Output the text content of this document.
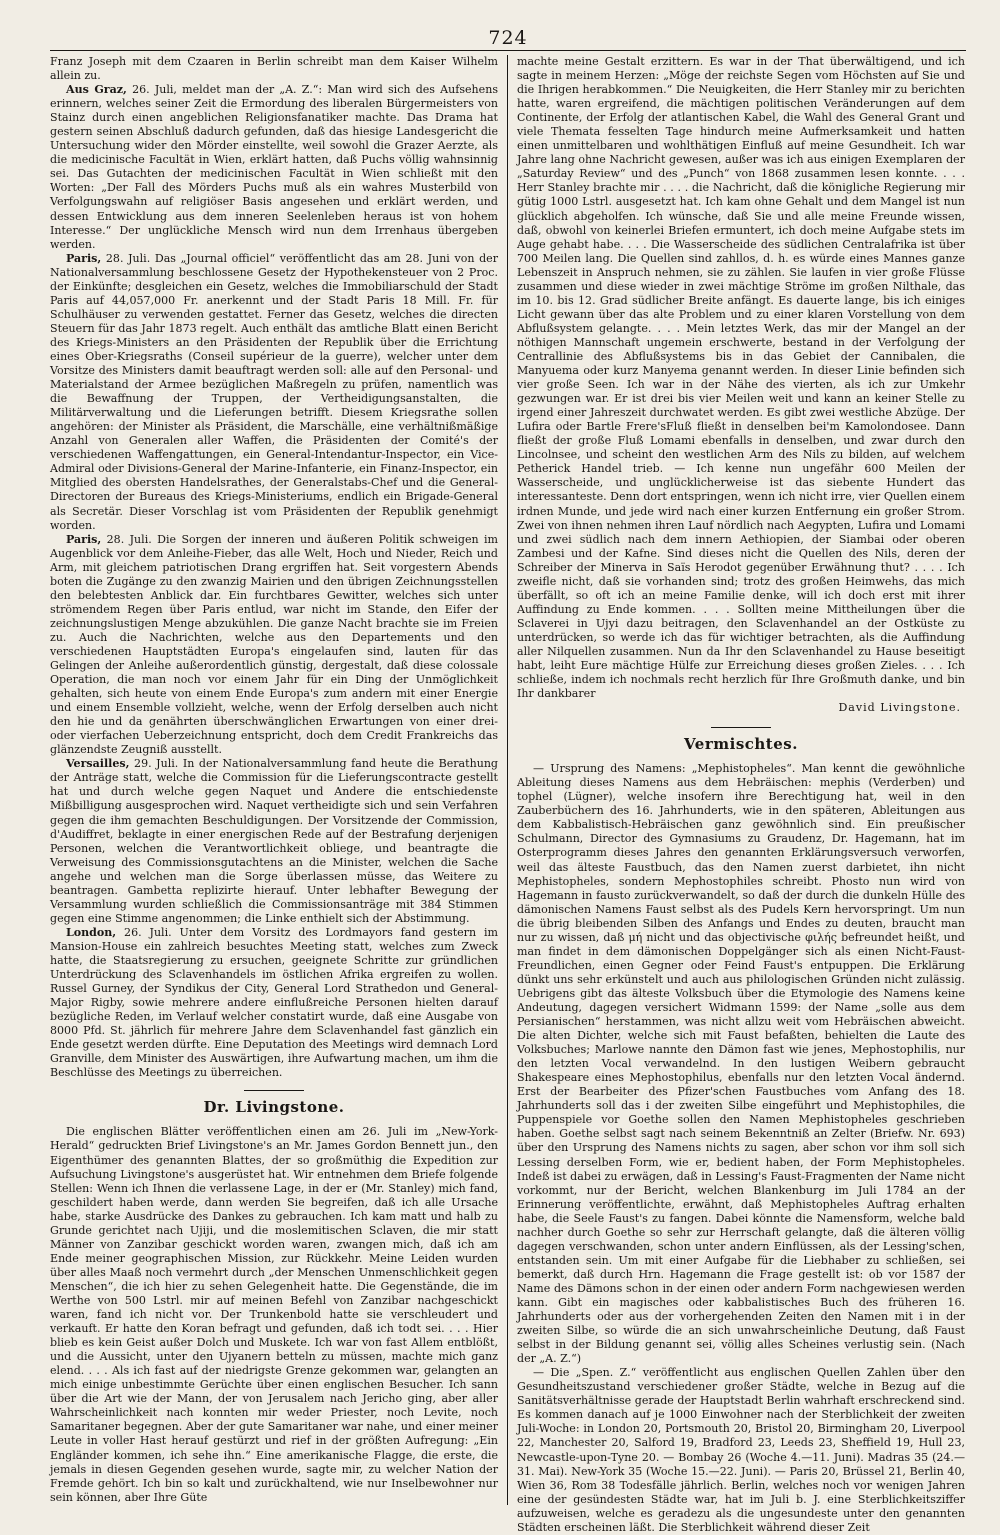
724

Franz Joseph mit dem Czaaren in Berlin schreibt man dem Kaiser Wilhelm allein zu.

Aus Graz, 26. Juli, meldet man der „A. Z.“: Man wird sich des Aufsehens erinnern, welches seiner Zeit die Ermordung des liberalen Bürgermeisters von Stainz durch einen angeblichen Religionsfanatiker machte. Das Drama hat gestern seinen Abschluß dadurch gefunden, daß das hiesige Landesgericht die Untersuchung wider den Mörder einstellte, weil sowohl die Grazer Aerzte, als die medicinische Facultät in Wien, erklärt hatten, daß Puchs völlig wahnsinnig sei. Das Gutachten der medicinischen Facultät in Wien schließt mit den Worten: „Der Fall des Mörders Puchs muß als ein wahres Musterbild von Verfolgungswahn auf religiöser Basis angesehen und erklärt werden, und dessen Entwicklung aus dem inneren Seelenleben heraus ist von hohem Interesse.“ Der unglückliche Mensch wird nun dem Irrenhaus übergeben werden.

Paris, 28. Juli. Das „Journal officiel“ veröffentlicht das am 28. Juni von der Nationalversammlung beschlossene Gesetz der Hypothekensteuer von 2 Proc. der Einkünfte; desgleichen ein Gesetz, welches die Immobiliarschuld der Stadt Paris auf 44,057,000 Fr. anerkennt und der Stadt Paris 18 Mill. Fr. für Schulhäuser zu verwenden gestattet. Ferner das Gesetz, welches die directen Steuern für das Jahr 1873 regelt. Auch enthält das amtliche Blatt einen Bericht des Kriegs-Ministers an den Präsidenten der Republik über die Errichtung eines Ober-Kriegsraths (Conseil supérieur de la guerre), welcher unter dem Vorsitze des Ministers damit beauftragt werden soll: alle auf den Personal- und Materialstand der Armee bezüglichen Maßregeln zu prüfen, namentlich was die Bewaffnung der Truppen, der Vertheidigungsanstalten, die Militärverwaltung und die Lieferungen betrifft. Diesem Kriegsrathe sollen angehören: der Minister als Präsident, die Marschälle, eine verhältnißmäßige Anzahl von Generalen aller Waffen, die Präsidenten der Comité's der verschiedenen Waffengattungen, ein General-Intendantur-Inspector, ein Vice-Admiral oder Divisions-General der Marine-Infanterie, ein Finanz-Inspector, ein Mitglied des obersten Handelsrathes, der Generalstabs-Chef und die General-Directoren der Bureaus des Kriegs-Ministeriums, endlich ein Brigade-General als Secretär. Dieser Vorschlag ist vom Präsidenten der Republik genehmigt worden.

Paris, 28. Juli. Die Sorgen der inneren und äußeren Politik schweigen im Augenblick vor dem Anleihe-Fieber, das alle Welt, Hoch und Nieder, Reich und Arm, mit gleichem patriotischen Drang ergriffen hat. Seit vorgestern Abends boten die Zugänge zu den zwanzig Mairien und den übrigen Zeichnungsstellen den belebtesten Anblick dar. Ein furchtbares Gewitter, welches sich unter strömendem Regen über Paris entlud, war nicht im Stande, den Eifer der zeichnungslustigen Menge abzukühlen. Die ganze Nacht brachte sie im Freien zu. Auch die Nachrichten, welche aus den Departements und den verschiedenen Hauptstädten Europa's eingelaufen sind, lauten für das Gelingen der Anleihe außerordentlich günstig, dergestalt, daß diese colossale Operation, die man noch vor einem Jahr für ein Ding der Unmöglichkeit gehalten, sich heute von einem Ende Europa's zum andern mit einer Energie und einem Ensemble vollzieht, welche, wenn der Erfolg derselben auch nicht den hie und da genährten überschwänglichen Erwartungen von einer drei- oder vierfachen Ueberzeichnung entspricht, doch dem Credit Frankreichs das glänzendste Zeugniß ausstellt.

Versailles, 29. Juli. In der Nationalversammlung fand heute die Berathung der Anträge statt, welche die Commission für die Lieferungscontracte gestellt hat und durch welche gegen Naquet und Andere die entschiedenste Mißbilligung ausgesprochen wird. Naquet vertheidigte sich und sein Verfahren gegen die ihm gemachten Beschuldigungen. Der Vorsitzende der Commission, d'Audiffret, beklagte in einer energischen Rede auf der Bestrafung derjenigen Personen, welchen die Verantwortlichkeit obliege, und beantragte die Verweisung des Commissionsgutachtens an die Minister, welchen die Sache angehe und welchen man die Sorge überlassen müsse, das Weitere zu beantragen. Gambetta replizirte hierauf. Unter lebhafter Bewegung der Versammlung wurden schließlich die Commissionsanträge mit 384 Stimmen gegen eine Stimme angenommen; die Linke enthielt sich der Abstimmung.

London, 26. Juli. Unter dem Vorsitz des Lordmayors fand gestern im Mansion-House ein zahlreich besuchtes Meeting statt, welches zum Zweck hatte, die Staatsregierung zu ersuchen, geeignete Schritte zur gründlichen Unterdrückung des Sclavenhandels im östlichen Afrika ergreifen zu wollen. Russel Gurney, der Syndikus der City, General Lord Strathedon und General-Major Rigby, sowie mehrere andere einflußreiche Personen hielten darauf bezügliche Reden, im Verlauf welcher constatirt wurde, daß eine Ausgabe von 8000 Pfd. St. jährlich für mehrere Jahre dem Sclavenhandel fast gänzlich ein Ende gesetzt werden dürfte. Eine Deputation des Meetings wird demnach Lord Granville, dem Minister des Auswärtigen, ihre Aufwartung machen, um ihm die Beschlüsse des Meetings zu überreichen.

Dr. Livingstone.

Die englischen Blätter veröffentlichen einen am 26. Juli im „New-York-Herald“ gedruckten Brief Livingstone's an Mr. James Gordon Bennett jun., den Eigenthümer des genannten Blattes, der so großmüthig die Expedition zur Aufsuchung Livingstone's ausgerüstet hat. Wir entnehmen dem Briefe folgende Stellen: Wenn ich Ihnen die verlassene Lage, in der er (Mr. Stanley) mich fand, geschildert haben werde, dann werden Sie begreifen, daß ich alle Ursache habe, starke Ausdrücke des Dankes zu gebrauchen. Ich kam matt und halb zu Grunde gerichtet nach Ujiji, und die moslemitischen Sclaven, die mir statt Männer von Zanzibar geschickt worden waren, zwangen mich, daß ich am Ende meiner geographischen Mission, zur Rückkehr. Meine Leiden wurden über alles Maaß noch vermehrt durch „der Menschen Unmenschlichkeit gegen Menschen“, die ich hier zu sehen Gelegenheit hatte. Die Gegenstände, die im Werthe von 500 Lstrl. mir auf meinen Befehl von Zanzibar nachgeschickt waren, fand ich nicht vor. Der Trunkenbold hatte sie verschleudert und verkauft. Er hatte den Koran befragt und gefunden, daß ich todt sei. . . . Hier blieb es kein Geist außer Dolch und Muskete. Ich war von fast Allem entblößt, und die Aussicht, unter den Ujyanern betteln zu müssen, machte mich ganz elend. . . . Als ich fast auf der niedrigste Grenze gekommen war, gelangten an mich einige unbestimmte Gerüchte über einen englischen Besucher. Ich sann über die Art wie der Mann, der von Jerusalem nach Jericho ging, aber aller Wahrscheinlichkeit nach konnten mir weder Priester, noch Levite, noch Samaritaner begegnen. Aber der gute Samaritaner war nahe, und einer meiner Leute in voller Hast herauf gestürzt und rief in der größten Aufregung: „Ein Engländer kommen, ich sehe ihn.“ Eine amerikanische Flagge, die erste, die jemals in diesen Gegenden gesehen wurde, sagte mir, zu welcher Nation der Fremde gehört. Ich bin so kalt und zurückhaltend, wie nur Inselbewohner nur sein können, aber Ihre Güte

machte meine Gestalt erzittern. Es war in der That überwältigend, und ich sagte in meinem Herzen: „Möge der reichste Segen vom Höchsten auf Sie und die Ihrigen herabkommen.“ Die Neuigkeiten, die Herr Stanley mir zu berichten hatte, waren ergreifend, die mächtigen politischen Veränderungen auf dem Continente, der Erfolg der atlantischen Kabel, die Wahl des General Grant und viele Themata fesselten Tage hindurch meine Aufmerksamkeit und hatten einen unmittelbaren und wohlthätigen Einfluß auf meine Gesundheit. Ich war Jahre lang ohne Nachricht gewesen, außer was ich aus einigen Exemplaren der „Saturday Review“ und des „Punch“ von 1868 zusammen lesen konnte. . . . Herr Stanley brachte mir . . . . die Nachricht, daß die königliche Regierung mir gütig 1000 Lstrl. ausgesetzt hat. Ich kam ohne Gehalt und dem Mangel ist nun glücklich abgeholfen. Ich wünsche, daß Sie und alle meine Freunde wissen, daß, obwohl von keinerlei Briefen ermuntert, ich doch meine Aufgabe stets im Auge gehabt habe. . . . Die Wasserscheide des südlichen Centralafrika ist über 700 Meilen lang. Die Quellen sind zahllos, d. h. es würde eines Mannes ganze Lebenszeit in Anspruch nehmen, sie zu zählen. Sie laufen in vier große Flüsse zusammen und diese wieder in zwei mächtige Ströme im großen Nilthale, das im 10. bis 12. Grad südlicher Breite anfängt. Es dauerte lange, bis ich einiges Licht gewann über das alte Problem und zu einer klaren Vorstellung von dem Abflußsystem gelangte. . . . Mein letztes Werk, das mir der Mangel an der nöthigen Mannschaft ungemein erschwerte, bestand in der Verfolgung der Centrallinie des Abflußsystems bis in das Gebiet der Cannibalen, die Manyuema oder kurz Manyema genannt werden. In dieser Linie befinden sich vier große Seen. Ich war in der Nähe des vierten, als ich zur Umkehr gezwungen war. Er ist drei bis vier Meilen weit und kann an keiner Stelle zu irgend einer Jahreszeit durchwatet werden. Es gibt zwei westliche Abzüge. Der Lufira oder Bartle Frere'sFluß fließt in denselben bei'm Kamolondosee. Dann fließt der große Fluß Lomami ebenfalls in denselben, und zwar durch den Lincolnsee, und scheint den westlichen Arm des Nils zu bilden, auf welchem Petherick Handel trieb. — Ich kenne nun ungefähr 600 Meilen der Wasserscheide, und unglücklicherweise ist das siebente Hundert das interessanteste. Denn dort entspringen, wenn ich nicht irre, vier Quellen einem irdnen Munde, und jede wird nach einer kurzen Entfernung ein großer Strom. Zwei von ihnen nehmen ihren Lauf nördlich nach Aegypten, Lufira und Lomami und zwei südlich nach dem innern Aethiopien, der Siambai oder oberen Zambesi und der Kafne. Sind dieses nicht die Quellen des Nils, deren der Schreiber der Minerva in Saïs Herodot gegenüber Erwähnung thut? . . . . Ich zweifle nicht, daß sie vorhanden sind; trotz des großen Heimwehs, das mich überfällt, so oft ich an meine Familie denke, will ich doch erst mit ihrer Auffindung zu Ende kommen. . . . Sollten meine Mittheilungen über die Sclaverei in Ujyi dazu beitragen, den Sclavenhandel an der Ostküste zu unterdrücken, so werde ich das für wichtiger betrachten, als die Auffindung aller Nilquellen zusammen. Nun da Ihr den Sclavenhandel zu Hause beseitigt habt, leiht Eure mächtige Hülfe zur Erreichung dieses großen Zieles. . . . Ich schließe, indem ich nochmals recht herzlich für Ihre Großmuth danke, und bin Ihr dankbarer

David Livingstone.

Vermischtes.

— Ursprung des Namens: „Mephistopheles“. Man kennt die gewöhnliche Ableitung dieses Namens aus dem Hebräischen: mephis (Verderben) und tophel (Lügner), welche insofern ihre Berechtigung hat, weil in den Zauberbüchern des 16. Jahrhunderts, wie in den späteren, Ableitungen aus dem Kabbalistisch-Hebräischen ganz gewöhnlich sind. Ein preußischer Schulmann, Director des Gymnasiums zu Graudenz, Dr. Hagemann, hat im Osterprogramm dieses Jahres den genannten Erklärungsversuch verworfen, weil das älteste Faustbuch, das den Namen zuerst darbietet, ihn nicht Mephistopheles, sondern Mephostophiles schreibt. Phosto nun wird von Hagemann in fausto zurückverwandelt, so daß der durch die dunkeln Hülle des dämonischen Namens Faust selbst als des Pudels Kern hervorspringt. Um nun die übrig bleibenden Silben des Anfangs und Endes zu deuten, braucht man nur zu wissen, daß μή nicht und das objectivische φιλής befreundet heißt, und man findet in dem dämonischen Doppelgänger sich als einen Nicht-Faust-Freundlichen, einen Gegner oder Feind Faust's entpuppen. Die Erklärung dünkt uns sehr erkünstelt und auch aus philologischen Gründen nicht zulässig. Uebrigens gibt das älteste Volksbuch über die Etymologie des Namens keine Andeutung, dagegen versichert Widmann 1599: der Name „solle aus dem Persianischen“ herstammen, was nicht allzu weit vom Hebräischen abweicht. Die alten Dichter, welche sich mit Faust befaßten, behielten die Laute des Volksbuches; Marlowe nannte den Dämon fast wie jenes, Mephostophilis, nur den letzten Vocal verwandelnd. In den lustigen Weibern gebraucht Shakespeare eines Mephostophilus, ebenfalls nur den letzten Vocal ändernd. Erst der Bearbeiter des Pfizer'schen Faustbuches vom Anfang des 18. Jahrhunderts soll das i der zweiten Silbe eingeführt und Mephistophiles, die Puppenspiele vor Goethe sollen den Namen Mephistopheles geschrieben haben. Goethe selbst sagt nach seinem Bekenntniß an Zelter (Briefw. Nr. 693) über den Ursprung des Namens nichts zu sagen, aber schon vor ihm soll sich Lessing derselben Form, wie er, bedient haben, der Form Mephistopheles. Indeß ist dabei zu erwägen, daß in Lessing's Faust-Fragmenten der Name nicht vorkommt, nur der Bericht, welchen Blankenburg im Juli 1784 an der Erinnerung veröffentlichte, erwähnt, daß Mephistopheles Auftrag erhalten habe, die Seele Faust's zu fangen. Dabei könnte die Namensform, welche bald nachher durch Goethe so sehr zur Herrschaft gelangte, daß die älteren völlig dagegen verschwanden, schon unter andern Einflüssen, als der Lessing'schen, entstanden sein. Um mit einer Aufgabe für die Liebhaber zu schließen, sei bemerkt, daß durch Hrn. Hagemann die Frage gestellt ist: ob vor 1587 der Name des Dämons schon in der einen oder andern Form nachgewiesen werden kann. Gibt ein magisches oder kabbalistisches Buch des früheren 16. Jahrhunderts oder aus der vorhergehenden Zeiten den Namen mit i in der zweiten Silbe, so würde die an sich unwahrscheinliche Deutung, daß Faust selbst in der Bildung genannt sei, völlig alles Scheines verlustig sein. (Nach der „A. Z.“)

— Die „Spen. Z.“ veröffentlicht aus englischen Quellen Zahlen über den Gesundheitszustand verschiedener großer Städte, welche in Bezug auf die Sanitätsverhältnisse gerade der Hauptstadt Berlin wahrhaft erschreckend sind. Es kommen danach auf je 1000 Einwohner nach der Sterblichkeit der zweiten Juli-Woche: in London 20, Portsmouth 20, Bristol 20, Birmingham 20, Liverpool 22, Manchester 20, Salford 19, Bradford 23, Leeds 23, Sheffield 19, Hull 23, Newcastle-upon-Tyne 20. — Bombay 26 (Woche 4.—11. Juni). Madras 35 (24.—31. Mai). New-York 35 (Woche 15.—22. Juni). — Paris 20, Brüssel 21, Berlin 40, Wien 36, Rom 38 Todesfälle jährlich. Berlin, welches noch vor wenigen Jahren eine der gesündesten Städte war, hat im Juli b. J. eine Sterblichkeitsziffer aufzuweisen, welche es geradezu als die ungesundeste unter den genannten Städten erscheinen läßt. Die Sterblichkeit während dieser Zeit
